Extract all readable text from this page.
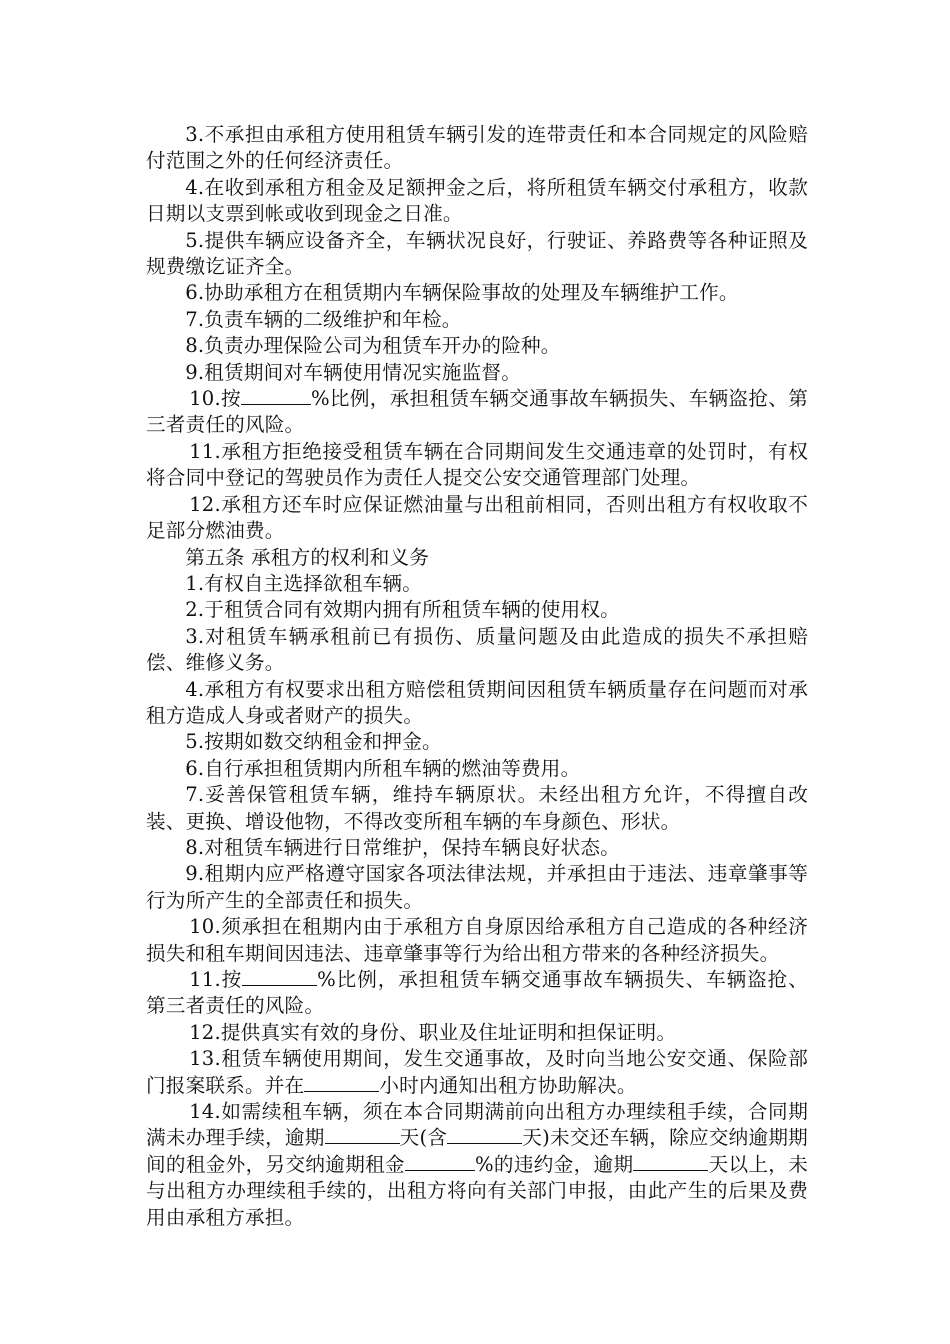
3.不承担由承租方使用租赁车辆引发的连带责任和本合同规定的风险赔付范围之外的任何经济责任。

4.在收到承租方租金及足额押金之后，将所租赁车辆交付承租方，收款日期以支票到帐或收到现金之日准。

5.提供车辆应设备齐全，车辆状况良好，行驶证、养路费等各种证照及规费缴讫证齐全。

6.协助承租方在租赁期内车辆保险事故的处理及车辆维护工作。

7.负责车辆的二级维护和年检。

8.负责办理保险公司为租赁车开办的险种。

9.租赁期间对车辆使用情况实施监督。

10.按	%比例，承担租赁车辆交通事故车辆损失、车辆盗抢、第三者责任的风险。

11.承租方拒绝接受租赁车辆在合同期间发生交通违章的处罚时，有权将合同中登记的驾驶员作为责任人提交公安交通管理部门处理。

12.承租方还车时应保证燃油量与出租前相同，否则出租方有权收取不足部分燃油费。

第五条 承租方的权利和义务

1.有权自主选择欲租车辆。

2.于租赁合同有效期内拥有所租赁车辆的使用权。

3.对租赁车辆承租前已有损伤、质量问题及由此造成的损失不承担赔偿、维修义务。

4.承租方有权要求出租方赔偿租赁期间因租赁车辆质量存在问题而对承租方造成人身或者财产的损失。

5.按期如数交纳租金和押金。

6.自行承担租赁期内所租车辆的燃油等费用。

7.妥善保管租赁车辆，维持车辆原状。未经出租方允许，不得擅自改装、更换、增设他物，不得改变所租车辆的车身颜色、形状。

8.对租赁车辆进行日常维护，保持车辆良好状态。

9.租期内应严格遵守国家各项法律法规，并承担由于违法、违章肇事等行为所产生的全部责任和损失。

10.须承担在租期内由于承租方自身原因给承租方自己造成的各种经济损失和租车期间因违法、违章肇事等行为给出租方带来的各种经济损失。

11.按	%比例，承担租赁车辆交通事故车辆损失、车辆盗抢、第三者责任的风险。

12.提供真实有效的身份、职业及住址证明和担保证明。

13.租赁车辆使用期间，发生交通事故，及时向当地公安交通、保险部门报案联系。并在	小时内通知出租方协助解决。

14.如需续租车辆，须在本合同期满前向出租方办理续租手续，合同期满未办理手续，逾期	天(含	天)未交还车辆，除应交纳逾期期间的租金外，另交纳逾期租金	%的违约金，逾期	天以上，未与出租方办理续租手续的，出租方将向有关部门申报，由此产生的后果及费用由承租方承担。
